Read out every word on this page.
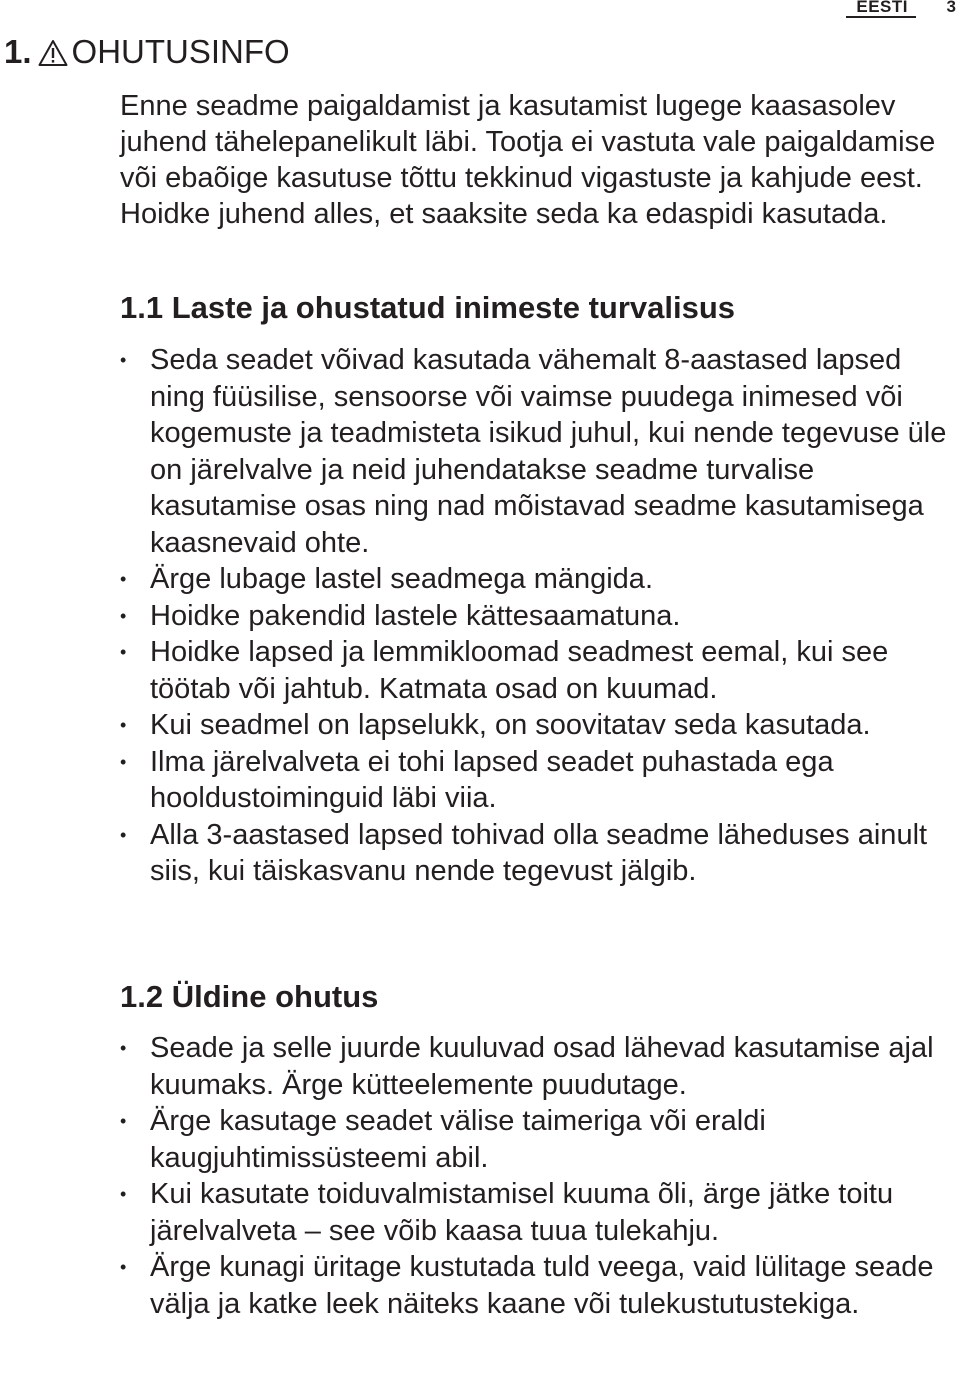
EESTI 3
1. OHUTUSINFO

Enne seadme paigaldamist ja kasutamist lugege kaasasolev juhend tähelepanelikult läbi. Tootja ei vastuta vale paigaldamise või ebaõige kasutuse tõttu tekkinud vigastuste ja kahjude eest. Hoidke juhend alles, et saaksite seda ka edaspidi kasutada.

1.1 Laste ja ohustatud inimeste turvalisus
• Seda seadet võivad kasutada vähemalt 8-aastased lapsed ning füüsilise, sensoorse või vaimse puudega inimesed või kogemuste ja teadmisteta isikud juhul, kui nende tegevuse üle on järelvalve ja neid juhendatakse seadme turvalise kasutamise osas ning nad mõistavad seadme kasutamisega kaasnevaid ohte.
• Ärge lubage lastel seadmega mängida.
• Hoidke pakendid lastele kättesaamatuna.
• Hoidke lapsed ja lemmikloomad seadmest eemal, kui see töötab või jahtub. Katmata osad on kuumad.
• Kui seadmel on lapselukk, on soovitatav seda kasutada.
• Ilma järelvalveta ei tohi lapsed seadet puhastada ega hooldustoiminguid läbi viia.
• Alla 3-aastased lapsed tohivad olla seadme läheduses ainult siis, kui täiskasvanu nende tegevust jälgib.
1.2 Üldine ohutus
• Seade ja selle juurde kuuluvad osad lähevad kasutamise ajal kuumaks. Ärge kütteelemente puudutage.
• Ärge kasutage seadet välise taimeriga või eraldi kaugjuhtimissüsteemi abil.
• Kui kasutate toiduvalmistamisel kuuma õli, ärge jätke toitu järelvalveta – see võib kaasa tuua tulekahju.
• Ärge kunagi üritage kustutada tuld veega, vaid lülitage seade välja ja katke leek näiteks kaane või tulekustutustekiga.
